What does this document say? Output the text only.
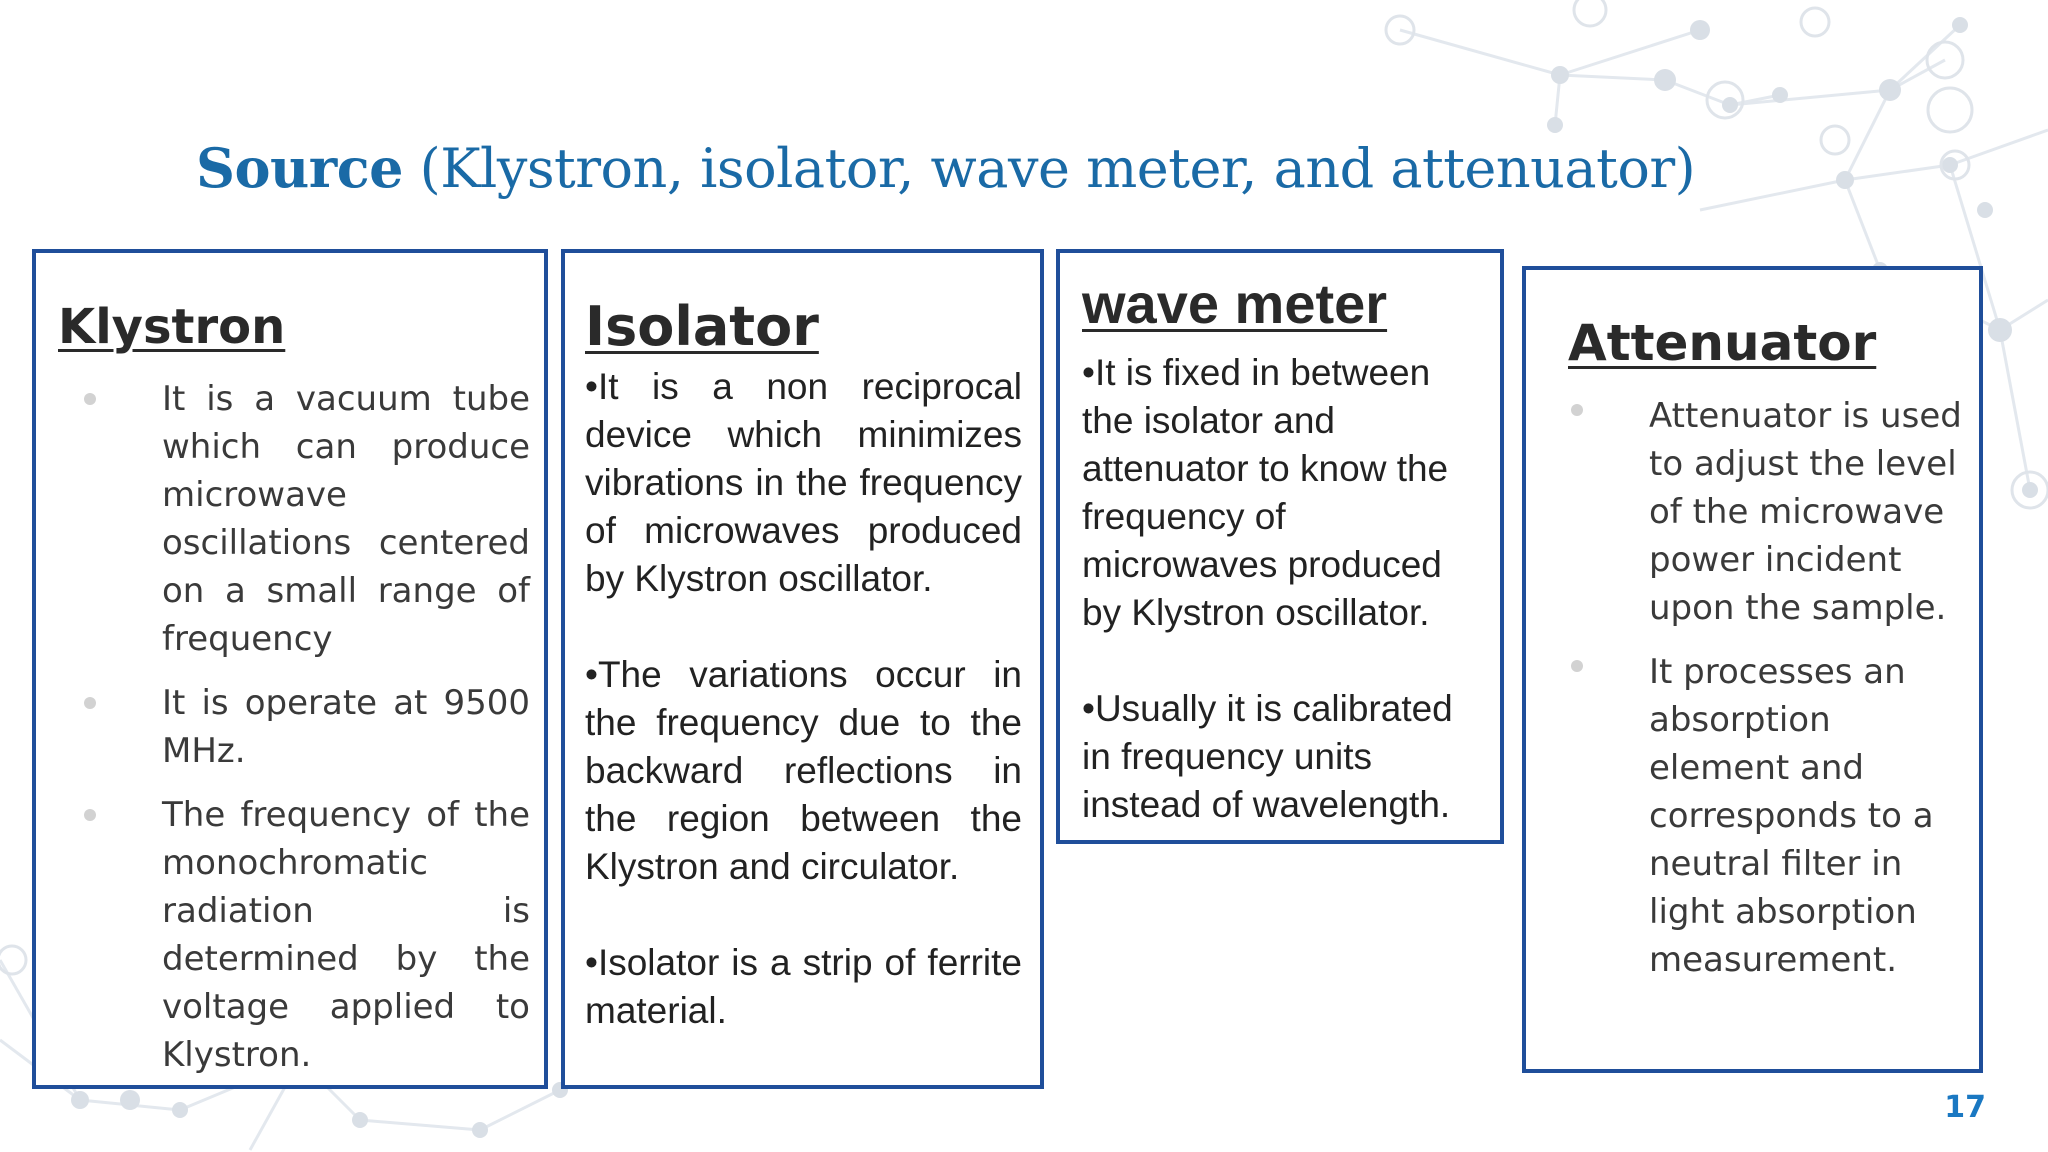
Source (Klystron, isolator, wave meter, and attenuator)
Klystron
It is a vacuum tube which can produce microwave oscillations centered on a small range of frequency
It is operate at 9500 MHz.
The frequency of the monochromatic radiation is determined by the voltage applied to Klystron.
Isolator

•It is a non reciprocal device which minimizes vibrations in the frequency of microwaves produced by Klystron oscillator.

•The variations occur in the frequency due to the backward reflections in the region between the Klystron and circulator.

•Isolator is a strip of ferrite material.

wave meter

•It is fixed in between the isolator and attenuator to know the frequency of microwaves produced by Klystron oscillator.

•Usually it is calibrated in frequency units instead of wavelength.

Attenuator
Attenuator is used to adjust the level of the microwave power incident upon the sample.
It processes an absorption element and corresponds to a neutral filter in light absorption measurement.
17
